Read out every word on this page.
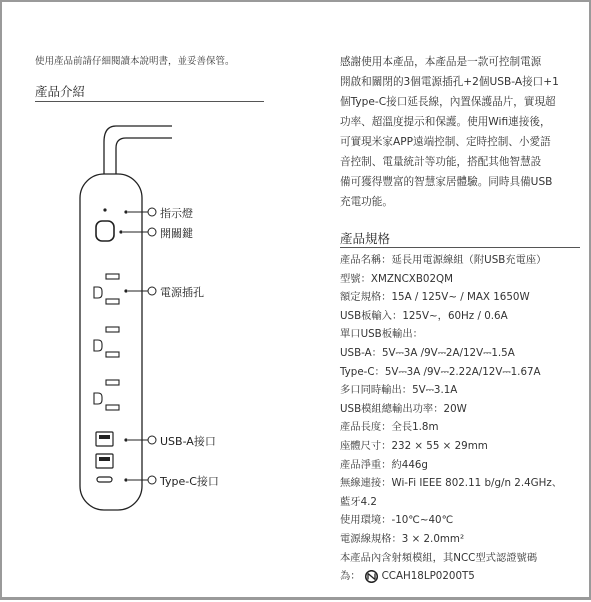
使用產品前請仔細閱讀本說明書，並妥善保管。
產品介紹
指示燈
開關鍵
電源插孔
USB-A接口
Type-C接口
感謝使用本產品，本產品是一款可控制電源
開啟和關閉的3個電源插孔+2個USB-A接口+1
個Type-C接口延長線，內置保護晶片，實現超
功率、超溫度提示和保護。使用Wifi連接後，
可實現米家APP遠端控制、定時控制、小愛語
音控制、電量統計等功能，搭配其他智慧設
備可獲得豐富的智慧家居體驗。同時具備USB
充電功能。
產品規格
產品名稱：延長用電源線組（附USB充電座）
型號：XMZNCXB02QM
額定規格：15A / 125V~ / MAX 1650W
USB板輸入：125V~，60Hz / 0.6A
單口USB板輸出：
USB-A：5V⎓3A /9V⎓2A/12V⎓1.5A
Type-C：5V⎓3A /9V⎓2.22A/12V⎓1.67A
多口同時輸出：5V⎓3.1A
USB模組總輸出功率：20W
產品長度：全長1.8m
座體尺寸：232 × 55 × 29mm
產品淨重：約446g
無線連接：Wi-Fi IEEE 802.11 b/g/n 2.4GHz、
藍牙4.2
使用環境：-10℃~40℃
電源線規格：3 × 2.0mm²
本產品內含射頻模組，其NCC型式認證號碼
為： CCAH18LP0200T5
